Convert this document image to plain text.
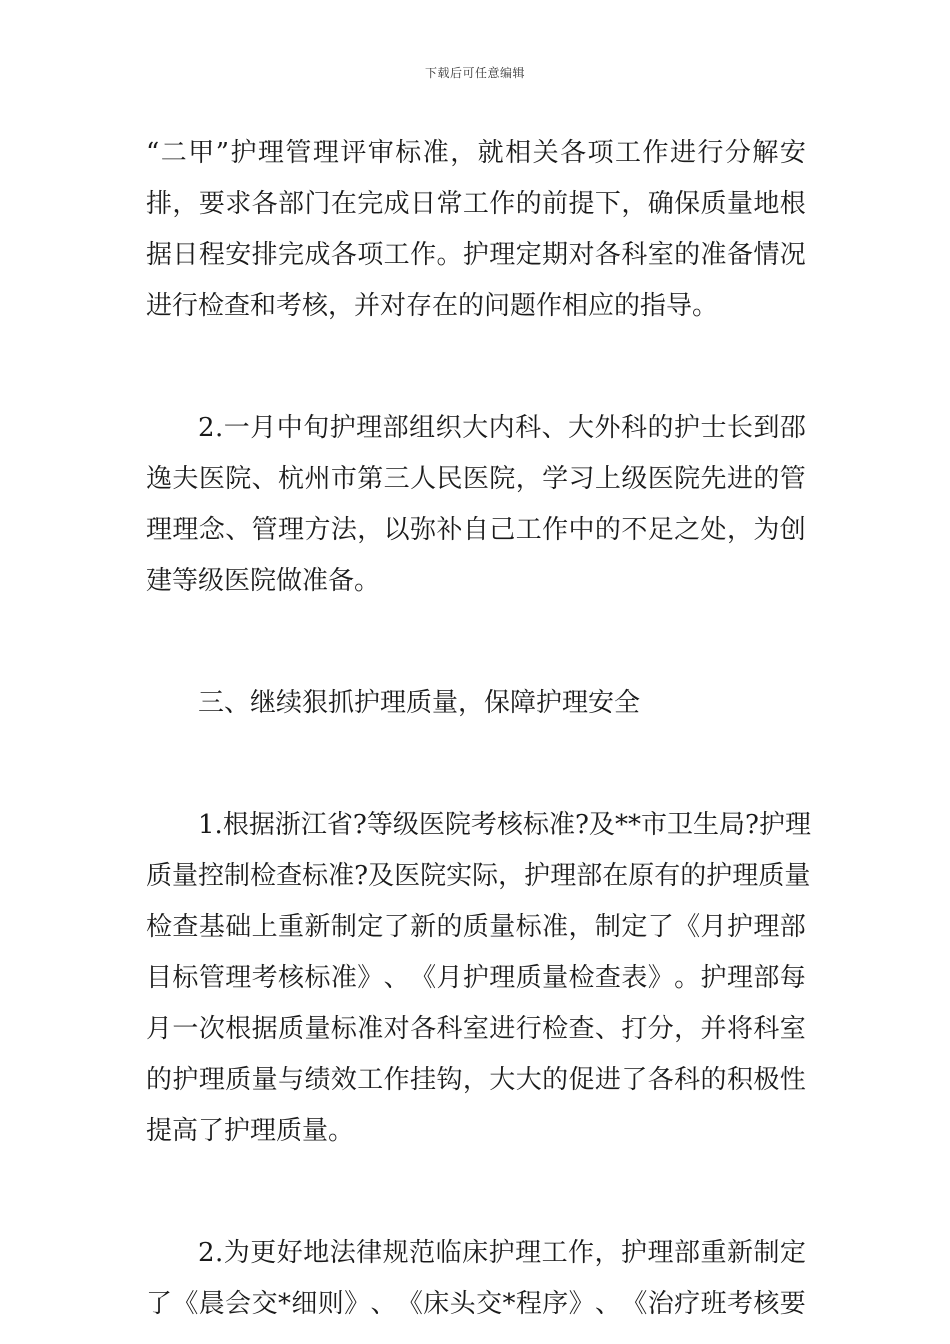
下载后可任意编辑
“ 二 甲 ” 护 理 管 理 评 审 标 准 ， 就 相 关 各 项 工 作 进 行 分 解 安
排 ， 要 求 各 部 门 在 完 成 日 常 工 作 的 前 提 下 ， 确 保 质 量 地 根
据 日 程 安 排 完 成 各 项 工 作 。 护 理 定 期 对 各 科 室 的 准 备 情 况
进行检查和考核，并对存在的问题作相应的指导。
2 . 一 月 中 旬 护 理 部 组 织 大 内 科 、 大 外 科 的 护 士 长 到 邵
逸 夫 医 院 、 杭 州 市 第 三 人 民 医 院 ， 学 习 上 级 医 院 先 进 的 管
理 理 念 、 管 理 方 法 ， 以 弥 补 自 己 工 作 中 的 不 足 之 处 ， 为 创
建等级医院做准备。
三、继续狠抓护理质量，保障护理安全
1 . 根 据 浙 江 省 ? 等 级 医 院 考 核 标 准 ? 及 * * 市 卫 生 局 ? 护 理
质 量 控 制 检 查 标 准 ? 及 医 院 实 际 ， 护 理 部 在 原 有 的 护 理 质 量
检 查 基 础 上 重 新 制 定 了 新 的 质 量 标 准 ， 制 定 了 《 月 护 理 部
目 标 管 理 考 核 标 准 》 、 《 月 护 理 质 量 检 查 表 》 。 护 理 部 每
月 一 次 根 据 质 量 标 准 对 各 科 室 进 行 检 查 、 打 分 ， 并 将 科 室
的 护 理 质 量 与 绩 效 工 作 挂 钩 ， 大 大 的 促 进 了 各 科 的 积 极 性
提高了护理质量。
2 . 为 更 好 地 法 律 规 范 临 床 护 理 工 作 ， 护 理 部 重 新 制 定
了 《 晨 会 交 * 细 则 》 、 《 床 头 交 * 程 序 》 、 《 治 疗 班 考 核 要
